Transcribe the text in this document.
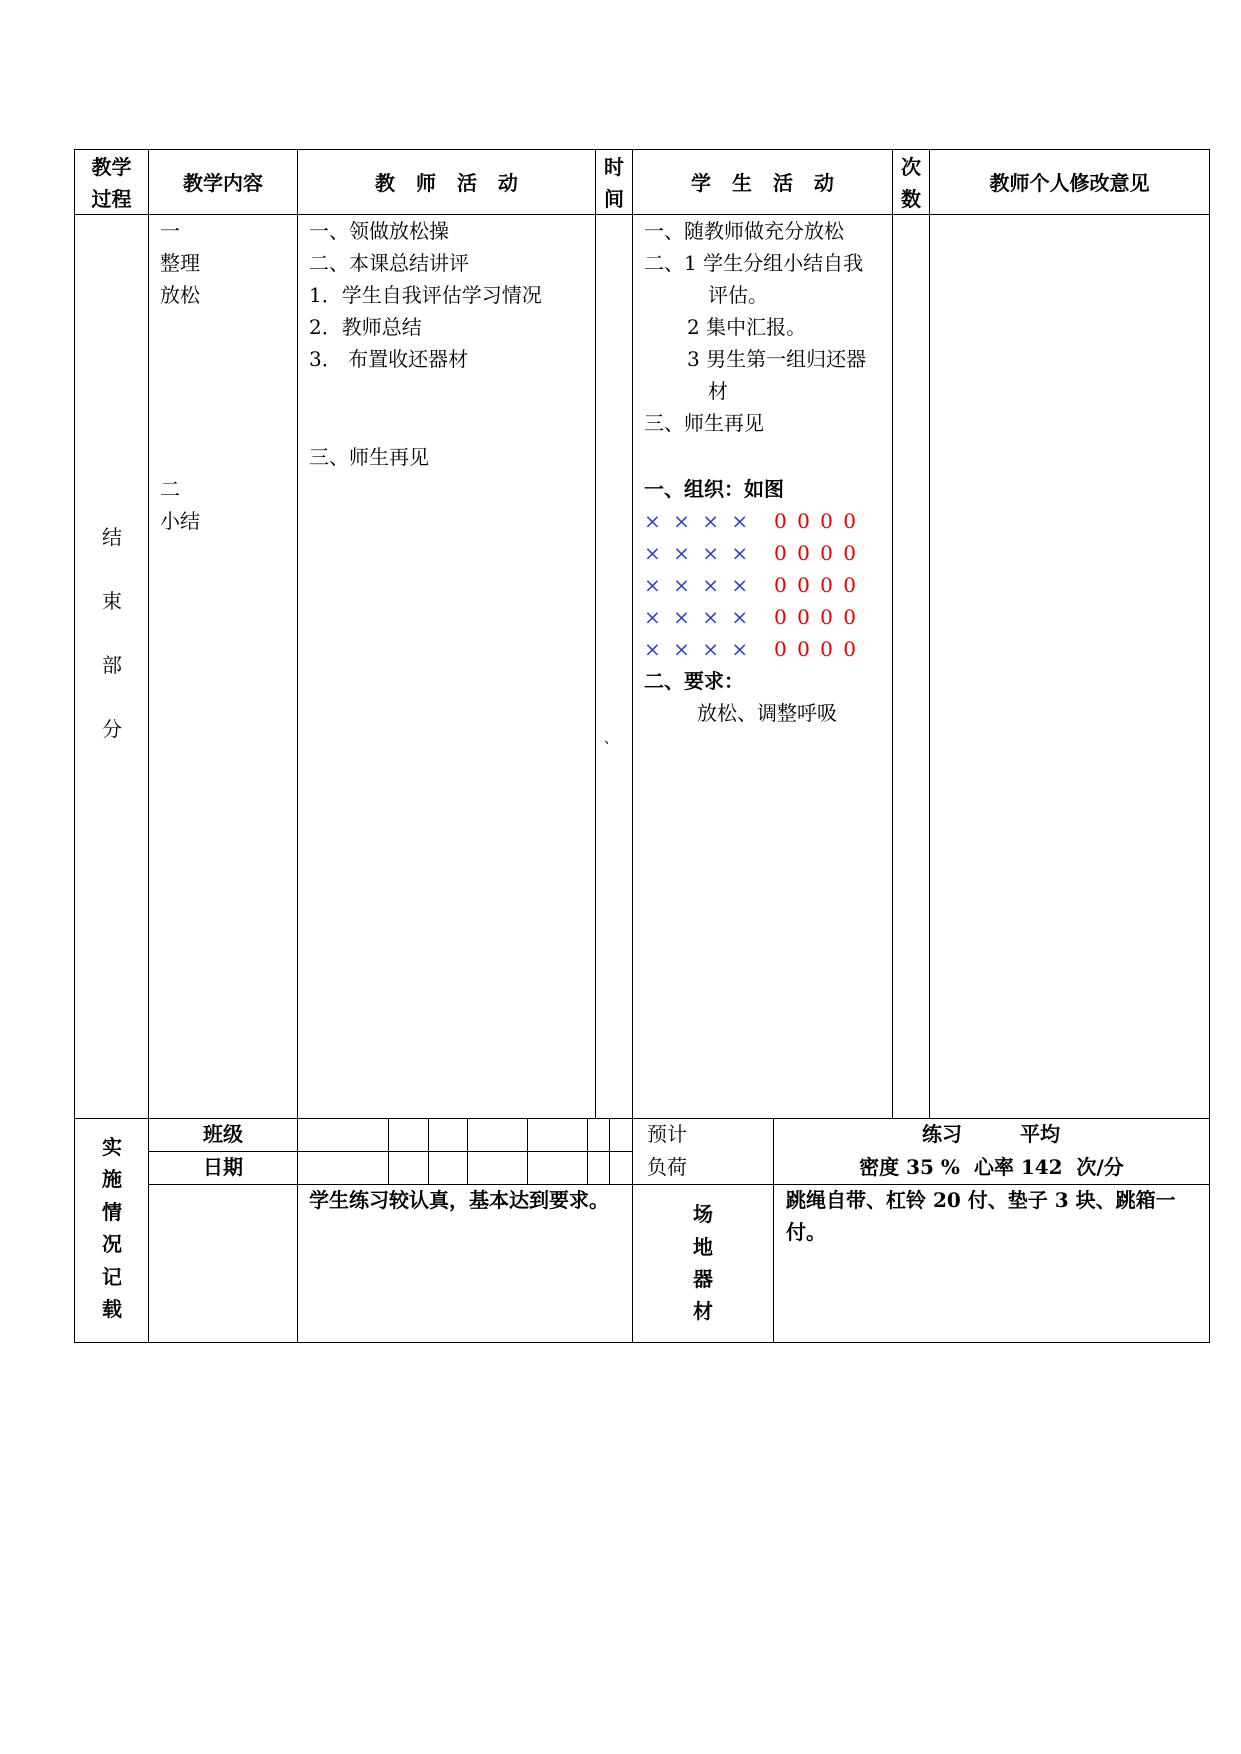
教学
过程
教学内容	教 师 活 动
时
间
学 生 活 动
次
数
教师个人修改意见
结
束
部
分
一
整理
放松
二
小结
一、领做放松操
二、本课总结讲评
1．学生自我评估学习情况
2．教师总结
3． 布置收还器材
三、师生再见
、
一、随教师做充分放松
二、1 学生分组小结自我
评估。
2 集中汇报。
3 男生第一组归还器
材
三、师生再见
一、组织：如图
× × × × 0 0 0 0
× × × × 0 0 0 0
× × × × 0 0 0 0
× × × × 0 0 0 0
× × × × 0 0 0 0
二、要求：
放松、调整呼吸
实
施
情
况
记
载
班级
日期
预计
负荷
练习	平均
密度 35 %  心率 142  次/分
学生练习较认真，基本达到要求。
场
地
器
材
跳绳自带、杠铃 20 付、垫子 3 块、跳箱一
付。
